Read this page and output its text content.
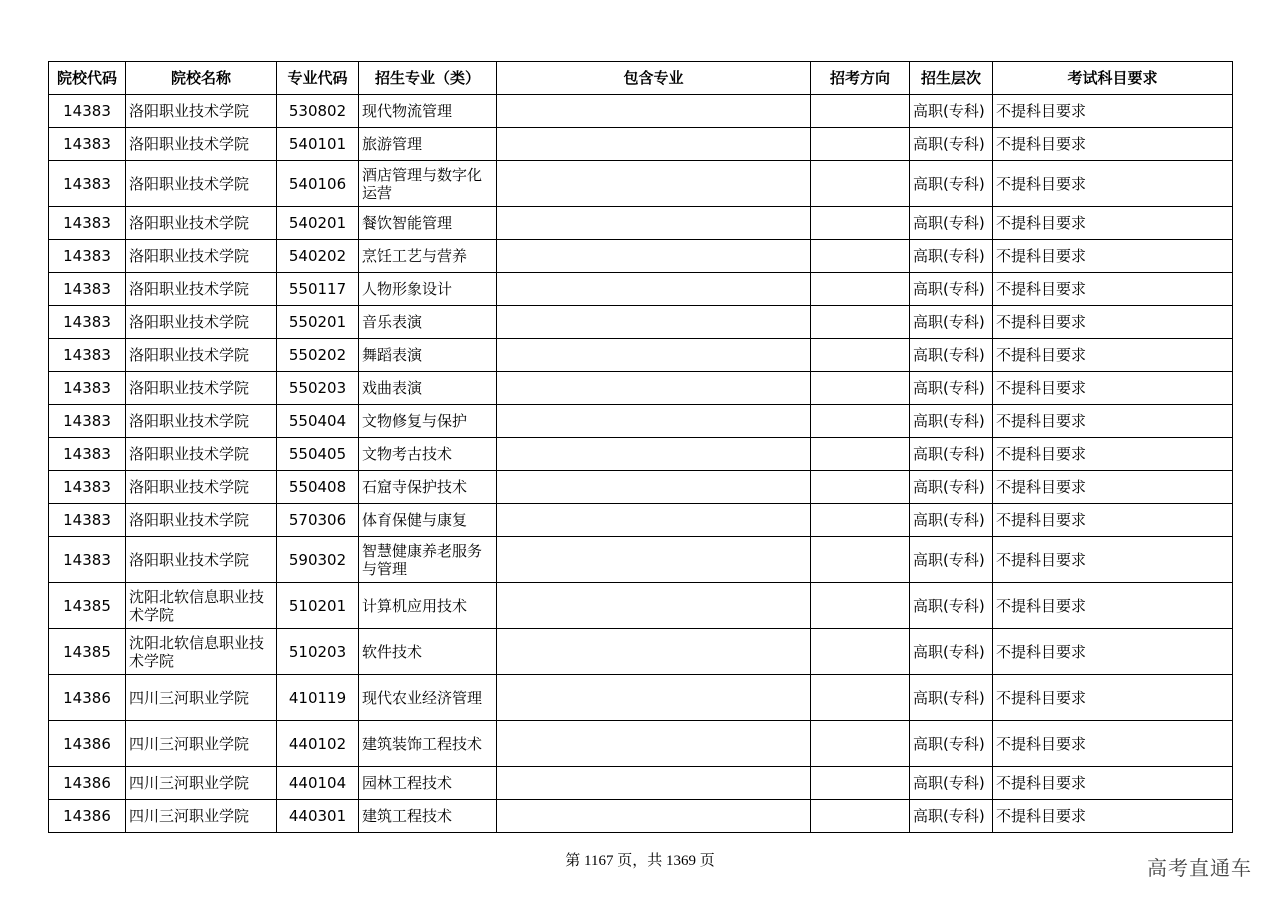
院校代码	院校名称	专业代码	招生专业（类）	包含专业	招考方向	招生层次	考试科目要求
14383	洛阳职业技术学院	530802	现代物流管理			高职(专科)	不提科目要求
14383	洛阳职业技术学院	540101	旅游管理			高职(专科)	不提科目要求
14383	洛阳职业技术学院	540106	酒店管理与数字化运营			高职(专科)	不提科目要求
14383	洛阳职业技术学院	540201	餐饮智能管理			高职(专科)	不提科目要求
14383	洛阳职业技术学院	540202	烹饪工艺与营养			高职(专科)	不提科目要求
14383	洛阳职业技术学院	550117	人物形象设计			高职(专科)	不提科目要求
14383	洛阳职业技术学院	550201	音乐表演			高职(专科)	不提科目要求
14383	洛阳职业技术学院	550202	舞蹈表演			高职(专科)	不提科目要求
14383	洛阳职业技术学院	550203	戏曲表演			高职(专科)	不提科目要求
14383	洛阳职业技术学院	550404	文物修复与保护			高职(专科)	不提科目要求
14383	洛阳职业技术学院	550405	文物考古技术			高职(专科)	不提科目要求
14383	洛阳职业技术学院	550408	石窟寺保护技术			高职(专科)	不提科目要求
14383	洛阳职业技术学院	570306	体育保健与康复			高职(专科)	不提科目要求
14383	洛阳职业技术学院	590302	智慧健康养老服务与管理			高职(专科)	不提科目要求
14385	沈阳北软信息职业技术学院	510201	计算机应用技术			高职(专科)	不提科目要求
14385	沈阳北软信息职业技术学院	510203	软件技术			高职(专科)	不提科目要求
14386	四川三河职业学院	410119	现代农业经济管理			高职(专科)	不提科目要求
14386	四川三河职业学院	440102	建筑装饰工程技术			高职(专科)	不提科目要求
14386	四川三河职业学院	440104	园林工程技术			高职(专科)	不提科目要求
14386	四川三河职业学院	440301	建筑工程技术			高职(专科)	不提科目要求
第 1167 页，共 1369 页	高考直通车
